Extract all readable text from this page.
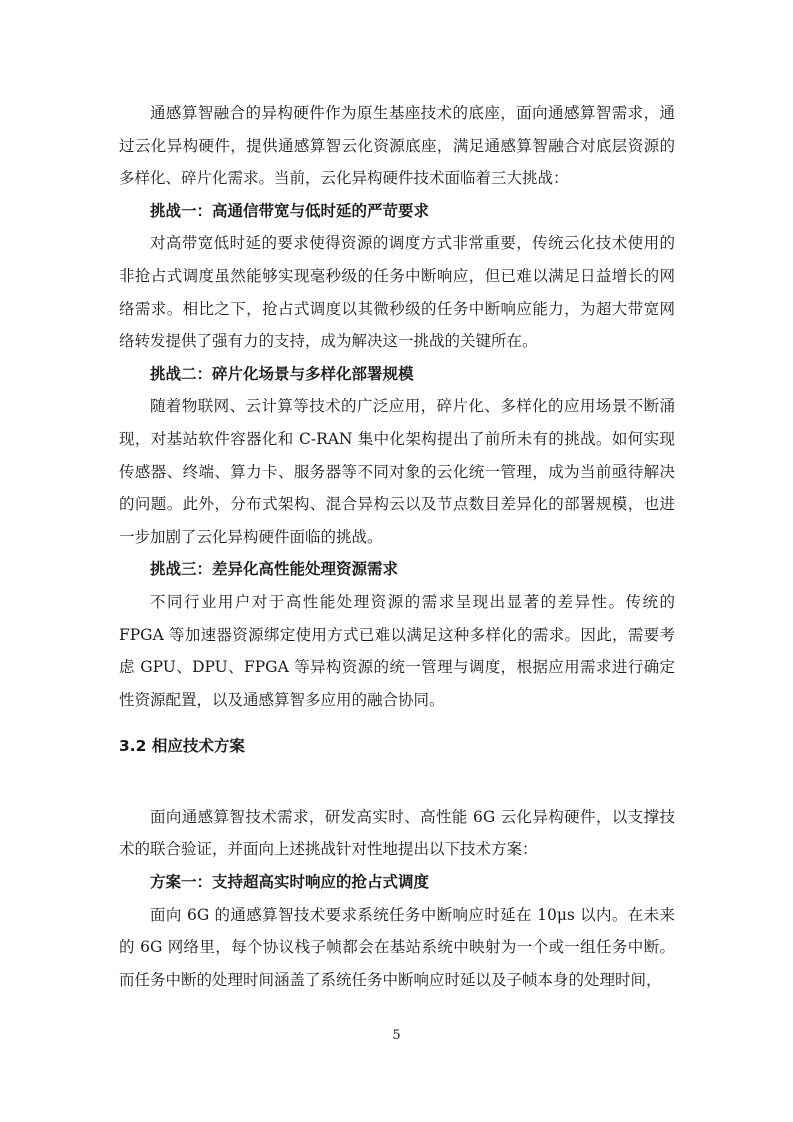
通感算智融合的异构硬件作为原生基座技术的底座，面向通感算智需求，通过云化异构硬件，提供通感算智云化资源底座，满足通感算智融合对底层资源的多样化、碎片化需求。当前，云化异构硬件技术面临着三大挑战：

挑战一：高通信带宽与低时延的严苛要求

对高带宽低时延的要求使得资源的调度方式非常重要，传统云化技术使用的非抢占式调度虽然能够实现毫秒级的任务中断响应，但已难以满足日益增长的网络需求。相比之下，抢占式调度以其微秒级的任务中断响应能力，为超大带宽网络转发提供了强有力的支持，成为解决这一挑战的关键所在。

挑战二：碎片化场景与多样化部署规模

随着物联网、云计算等技术的广泛应用，碎片化、多样化的应用场景不断涌现，对基站软件容器化和 C-RAN 集中化架构提出了前所未有的挑战。如何实现传感器、终端、算力卡、服务器等不同对象的云化统一管理，成为当前亟待解决的问题。此外，分布式架构、混合异构云以及节点数目差异化的部署规模，也进一步加剧了云化异构硬件面临的挑战。

挑战三：差异化高性能处理资源需求

不同行业用户对于高性能处理资源的需求呈现出显著的差异性。传统的 FPGA 等加速器资源绑定使用方式已难以满足这种多样化的需求。因此，需要考虑 GPU、DPU、FPGA 等异构资源的统一管理与调度，根据应用需求进行确定性资源配置，以及通感算智多应用的融合协同。

3.2 相应技术方案

面向通感算智技术需求，研发高实时、高性能 6G 云化异构硬件，以支撑技术的联合验证，并面向上述挑战针对性地提出以下技术方案：

方案一：支持超高实时响应的抢占式调度

面向 6G 的通感算智技术要求系统任务中断响应时延在 10μs 以内。在未来的 6G 网络里，每个协议栈子帧都会在基站系统中映射为一个或一组任务中断。而任务中断的处理时间涵盖了系统任务中断响应时延以及子帧本身的处理时间，

5
